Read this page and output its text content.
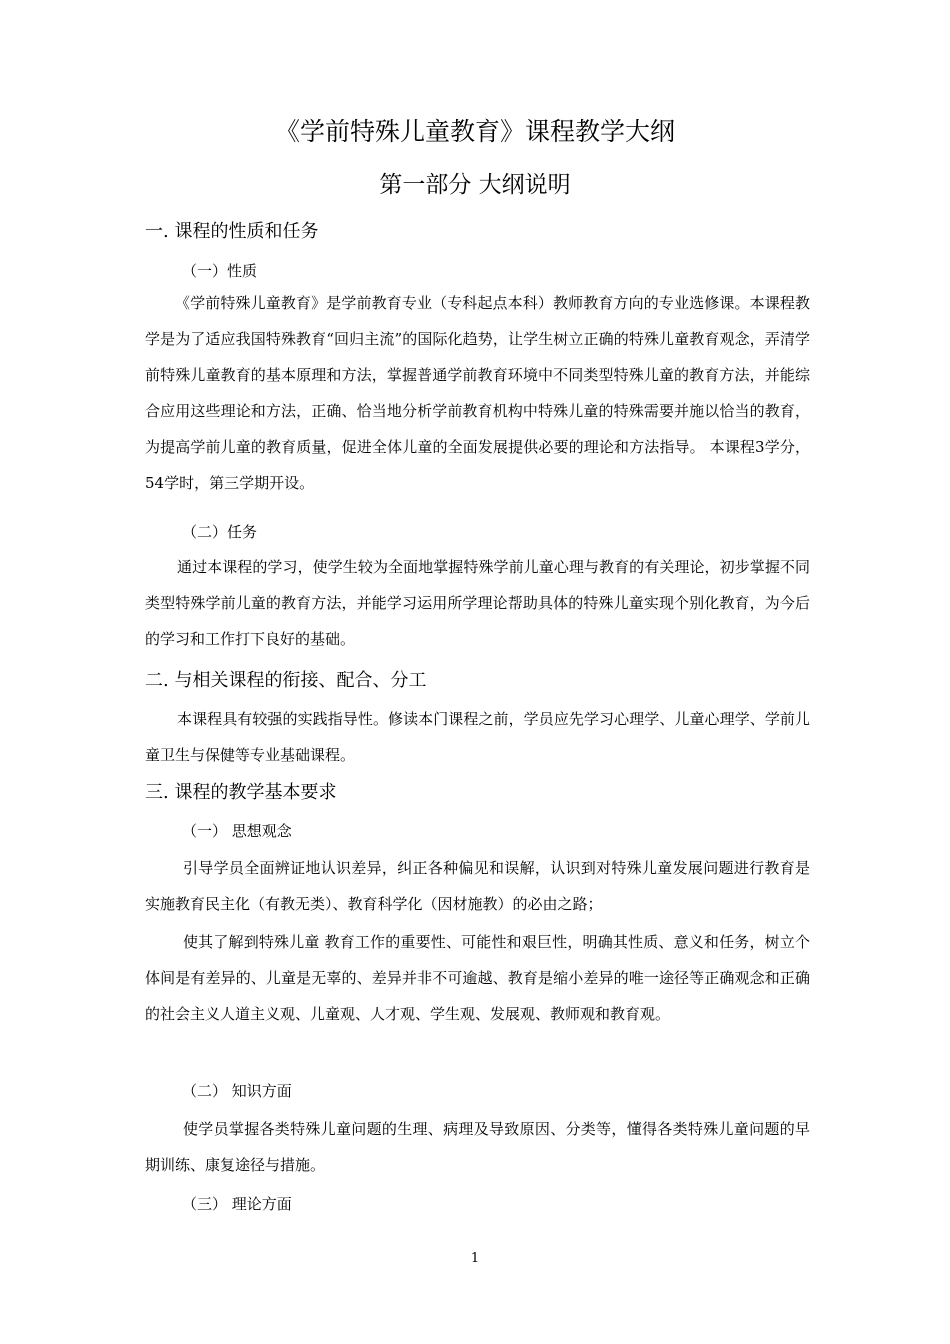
《学前特殊儿童教育》课程教学大纲
第一部分 大纲说明
一. 课程的性质和任务
（一）性质
《学前特殊儿童教育》是学前教育专业（专科起点本科）教师教育方向的专业选修课。本课程教学是为了适应我国特殊教育“回归主流”的国际化趋势，让学生树立正确的特殊儿童教育观念，弄清学前特殊儿童教育的基本原理和方法，掌握普通学前教育环境中不同类型特殊儿童的教育方法，并能综合应用这些理论和方法，正确、恰当地分析学前教育机构中特殊儿童的特殊需要并施以恰当的教育，为提高学前儿童的教育质量，促进全体儿童的全面发展提供必要的理论和方法指导。 本课程3学分，54学时，第三学期开设。
（二）任务
通过本课程的学习，使学生较为全面地掌握特殊学前儿童心理与教育的有关理论，初步掌握不同类型特殊学前儿童的教育方法，并能学习运用所学理论帮助具体的特殊儿童实现个别化教育，为今后的学习和工作打下良好的基础。
二. 与相关课程的衔接、配合、分工
本课程具有较强的实践指导性。修读本门课程之前，学员应先学习心理学、儿童心理学、学前儿童卫生与保健等专业基础课程。
三. 课程的教学基本要求
（一） 思想观念
引导学员全面辨证地认识差异，纠正各种偏见和误解，认识到对特殊儿童发展问题进行教育是实施教育民主化（有教无类）、教育科学化（因材施教）的必由之路；
使其了解到特殊儿童 教育工作的重要性、可能性和艰巨性，明确其性质、意义和任务，树立个体间是有差异的、儿童是无辜的、差异并非不可逾越、教育是缩小差异的唯一途径等正确观念和正确的社会主义人道主义观、儿童观、人才观、学生观、发展观、教师观和教育观。
（二） 知识方面
使学员掌握各类特殊儿童问题的生理、病理及导致原因、分类等，懂得各类特殊儿童问题的早期训练、康复途径与措施。
（三） 理论方面
1
